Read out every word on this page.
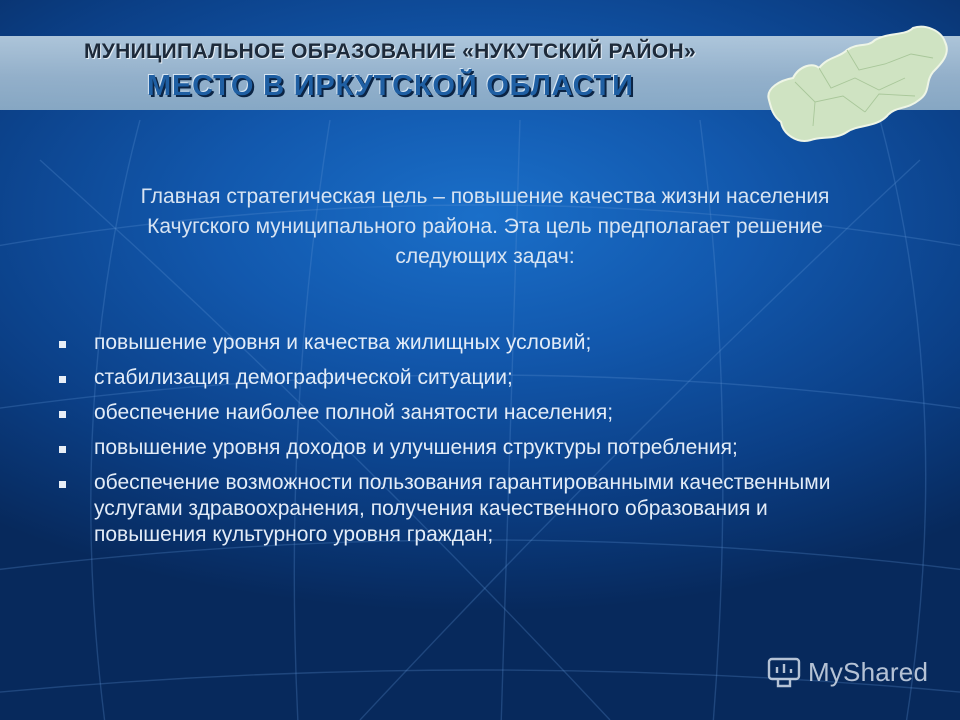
МУНИЦИПАЛЬНОЕ ОБРАЗОВАНИЕ «НУКУТСКИЙ РАЙОН»
МЕСТО В ИРКУТСКОЙ ОБЛАСТИ
Главная стратегическая цель – повышение качества жизни населения Качугского муниципального района. Эта цель предполагает решение следующих задач:
повышение уровня и качества жилищных условий;
стабилизация демографической ситуации;
обеспечение наиболее полной занятости населения;
повышение уровня доходов и улучшения структуры потребления;
обеспечение возможности пользования гарантированными качественными услугами здравоохранения, получения качественного образования и повышения культурного уровня граждан;
MyShared
